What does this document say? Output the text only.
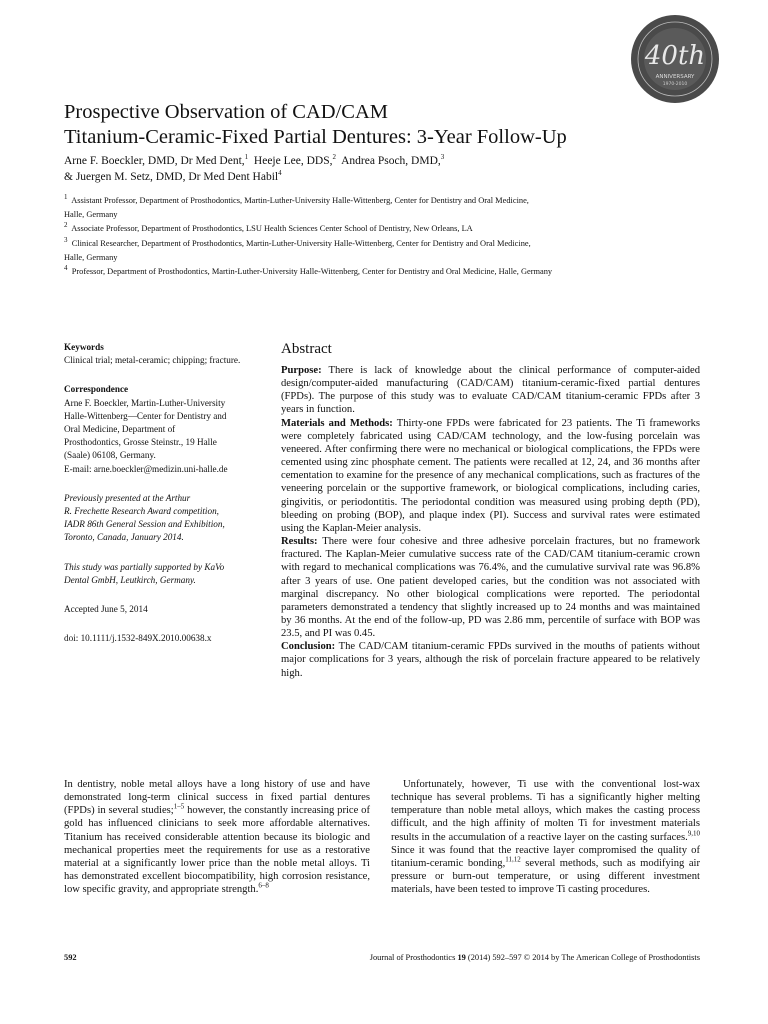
40th
ANNIVERSARY
1970-2010
Prospective Observation of CAD/CAM
Titanium-Ceramic-Fixed Partial Dentures: 3-Year Follow-Up
Arne F. Boeckler, DMD, Dr Med Dent,$^1$ Heeje Lee, DDS,$^2$ Andrea Psoch, DMD,$^3$
& Juergen M. Setz, DMD, Dr Med Dent Habil$^4$
$^1$ Assistant Professor, Department of Prosthodontics, Martin-Luther-University Halle-Wittenberg, Center for Dentistry and Oral Medicine,
Halle, Germany
$^2$ Associate Professor, Department of Prosthodontics, LSU Health Sciences Center School of Dentistry, New Orleans, LA
$^3$ Clinical Researcher, Department of Prosthodontics, Martin-Luther-University Halle-Wittenberg, Center for Dentistry and Oral Medicine,
Halle, Germany
$^4$ Professor, Department of Prosthodontics, Martin-Luther-University Halle-Wittenberg, Center for Dentistry and Oral Medicine, Halle, Germany
Keywords
Clinical trial; metal-ceramic; chipping; fracture.
Correspondence
Arne F. Boeckler, Martin-Luther-University
Halle-Wittenberg—Center for Dentistry and
Oral Medicine, Department of
Prosthodontics, Grosse Steinstr., 19 Halle
(Saale) 06108, Germany.
E-mail: arne.boeckler@medizin.uni-halle.de
Previously presented at the Arthur
R. Frechette Research Award competition,
IADR 86th General Session and Exhibition,
Toronto, Canada, January 2014.
This study was partially supported by KaVo
Dental GmbH, Leutkirch, Germany.
Accepted June 5, 2014
doi: 10.1111/j.1532-849X.2010.00638.x
Abstract

Purpose: There is lack of knowledge about the clinical performance of computer-aided design/computer-aided manufacturing (CAD/CAM) titanium-ceramic-fixed partial dentures (FPDs). The purpose of this study was to evaluate CAD/CAM titanium-ceramic FPDs after 3 years in function.

Materials and Methods: Thirty-one FPDs were fabricated for 23 patients. The Ti frameworks were completely fabricated using CAD/CAM technology, and the low-fusing porcelain was veneered. After confirming there were no mechanical or biological complications, the FPDs were cemented using zinc phosphate cement. The patients were recalled at 12, 24, and 36 months after cementation to examine for the presence of any mechanical complications, such as fractures of the veneering porcelain or the supportive framework, or biological complications, including caries, gingivitis, or periodontitis. The periodontal condition was measured using probing depth (PD), bleeding on probing (BOP), and plaque index (PI). Success and survival rates were estimated using the Kaplan-Meier analysis.

Results: There were four cohesive and three adhesive porcelain fractures, but no framework fractured. The Kaplan-Meier cumulative success rate of the CAD/CAM titanium-ceramic crown with regard to mechanical complications was 76.4%, and the cumulative survival rate was 96.8% after 3 years of use. One patient developed caries, but the condition was not associated with marginal discrepancy. No other biological complications were reported. The periodontal parameters demonstrated a tendency that slightly increased up to 24 months and was maintained by 36 months. At the end of the follow-up, PD was 2.86 mm, percentile of surface with BOP was 23.5, and PI was 0.45.

Conclusion: The CAD/CAM titanium-ceramic FPDs survived in the mouths of patients without major complications for 3 years, although the risk of porcelain fracture appeared to be relatively high.

In dentistry, noble metal alloys have a long history of use and have demonstrated long-term clinical success in fixed partial dentures (FPDs) in several studies;$^{1-5}$ however, the constantly increasing price of gold has influenced clinicians to seek more affordable alternatives. Titanium has received considerable attention because its biologic and mechanical properties meet the requirements for use as a restorative material at a significantly lower price than the noble metal alloys. Ti has demonstrated excellent biocompatibility, high corrosion resistance, low specific gravity, and appropriate strength.$^{6-8}$
Unfortunately, however, Ti use with the conventional lost-wax technique has several problems. Ti has a significantly higher melting temperature than noble metal alloys, which makes the casting process difficult, and the high affinity of molten Ti for investment materials results in the accumulation of a reactive layer on the casting surfaces.$^{9,10}$ Since it was found that the reactive layer compromised the quality of titanium-ceramic bonding,$^{11,12}$ several methods, such as modifying air pressure or burn-out temperature, or using different investment materials, have been tested to improve Ti casting procedures.
592	Journal of Prosthodontics 19 (2014) 592–597 © 2014 by The American College of Prosthodontists
